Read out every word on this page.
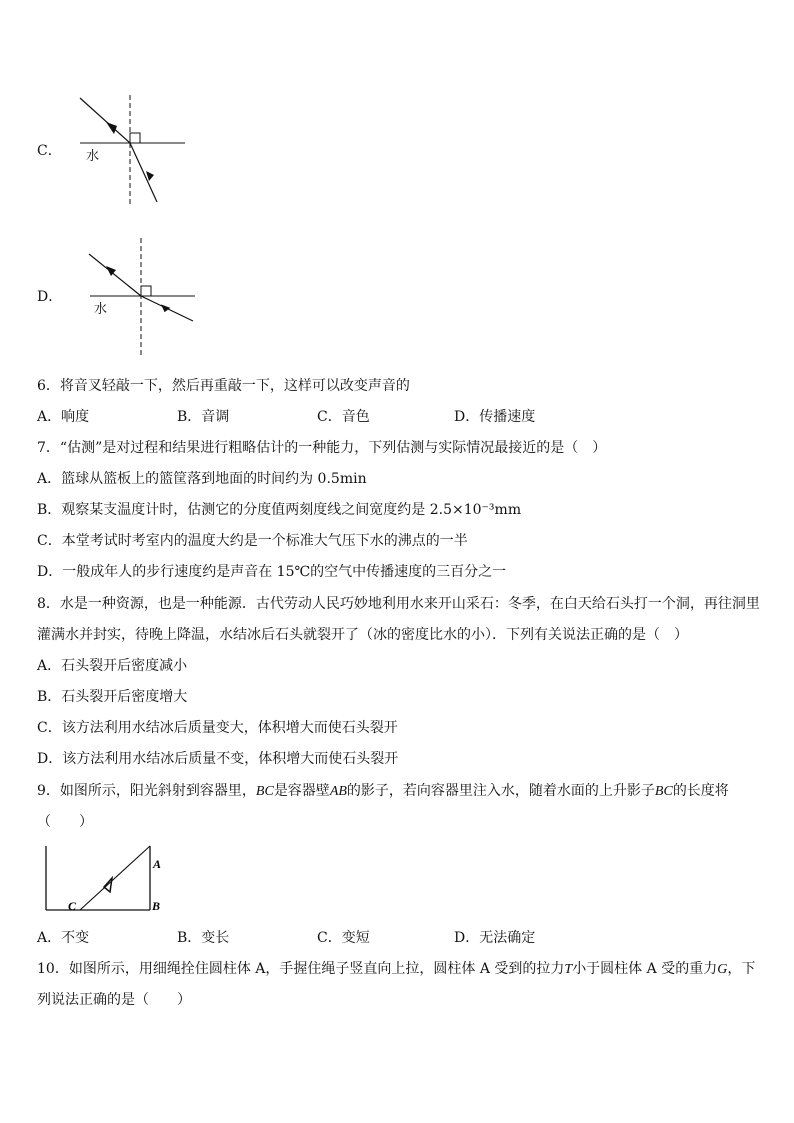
C． 水
D．
水
6．将音叉轻敲一下，然后再重敲一下，这样可以改变声音的
A．响度	B．音调	C．音色	D．传播速度
7．“估测”是对过程和结果进行粗略估计的一种能力，下列估测与实际情况最接近的是（　）
A．篮球从篮板上的篮筐落到地面的时间约为 0.5min
B．观察某支温度计时，估测它的分度值两刻度线之间宽度约是 2.5×10⁻³mm
C．本堂考试时考室内的温度大约是一个标准大气压下水的沸点的一半
D．一般成年人的步行速度约是声音在 15℃的空气中传播速度的三百分之一
8．水是一种资源，也是一种能源．古代劳动人民巧妙地利用水来开山采石：冬季，在白天给石头打一个洞，再往洞里
灌满水并封实，待晚上降温，水结冰后石头就裂开了（冰的密度比水的小）．下列有关说法正确的是（　）
A．石头裂开后密度减小
B．石头裂开后密度增大
C．该方法利用水结冰后质量变大，体积增大而使石头裂开
D．该方法利用水结冰后质量不变，体积增大而使石头裂开
9．如图所示，阳光斜射到容器里，BC是容器壁AB的影子，若向容器里注入水，随着水面的上升影子BC的长度将
（　　）
A
B
C
A．不变	B．变长	C．变短	D．无法确定
10．如图所示，用细绳拴住圆柱体 A，手握住绳子竖直向上拉，圆柱体 A 受到的拉力T小于圆柱体 A 受的重力G，下
列说法正确的是（　　）
